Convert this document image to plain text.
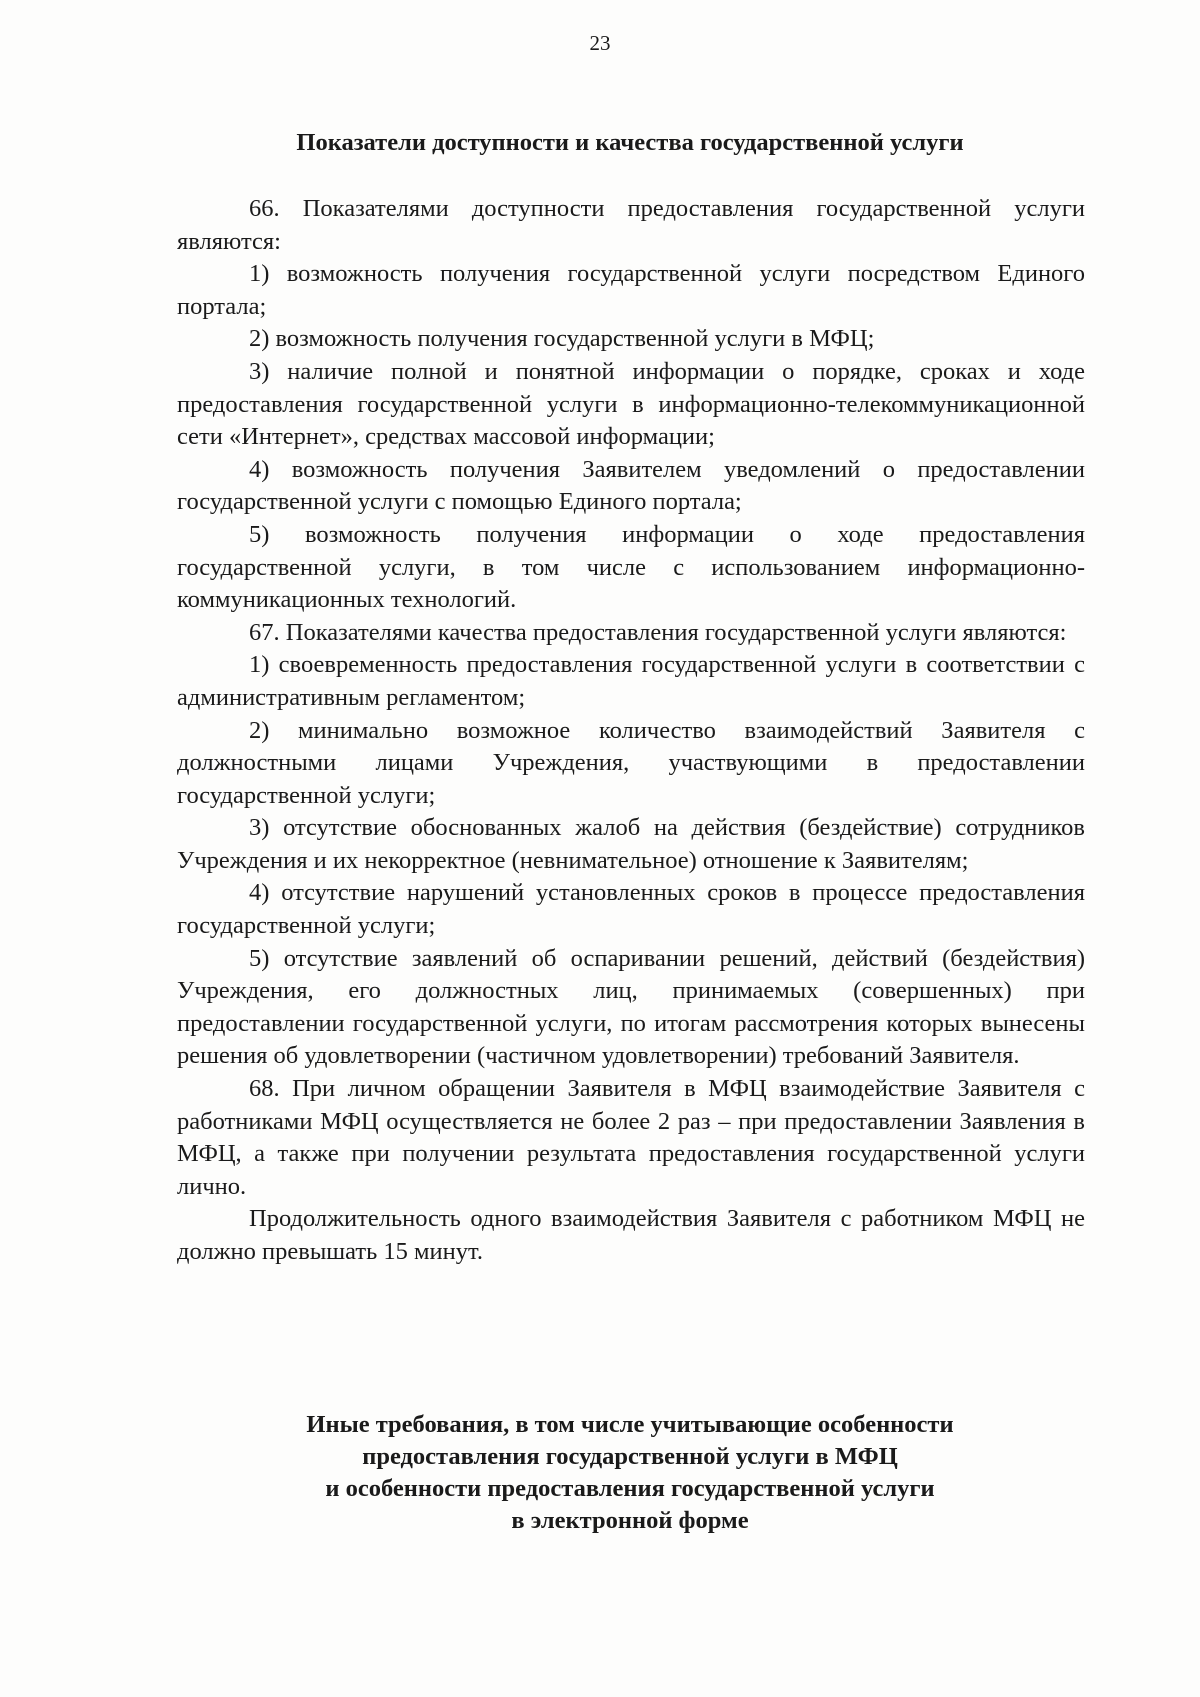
23
Показатели доступности и качества государственной услуги

66. Показателями доступности предоставления государственной услуги являются:

1) возможность получения государственной услуги посредством Единого портала;

2) возможность получения государственной услуги в МФЦ;

3) наличие полной и понятной информации о порядке, сроках и ходе предоставления государственной услуги в информационно-телекоммуникационной сети «Интернет», средствах массовой информации;

4) возможность получения Заявителем уведомлений о предоставлении государственной услуги с помощью Единого портала;

5) возможность получения информации о ходе предоставления государственной услуги, в том числе с использованием информационно-коммуникационных технологий.

67. Показателями качества предоставления государственной услуги являются:

1) своевременность предоставления государственной услуги в соответствии с административным регламентом;

2) минимально возможное количество взаимодействий Заявителя с должностными лицами Учреждения, участвующими в предоставлении государственной услуги;

3) отсутствие обоснованных жалоб на действия (бездействие) сотрудников Учреждения и их некорректное (невнимательное) отношение к Заявителям;

4) отсутствие нарушений установленных сроков в процессе предоставления государственной услуги;

5) отсутствие заявлений об оспаривании решений, действий (бездействия) Учреждения, его должностных лиц, принимаемых (совершенных) при предоставлении государственной услуги, по итогам рассмотрения которых вынесены решения об удовлетворении (частичном удовлетворении) требований Заявителя.

68. При личном обращении Заявителя в МФЦ взаимодействие Заявителя с работниками МФЦ осуществляется не более 2 раз – при предоставлении Заявления в МФЦ, а также при получении результата предоставления государственной услуги лично.

Продолжительность одного взаимодействия Заявителя с работником МФЦ не должно превышать 15 минут.

Иные требования, в том числе учитывающие особенности
предоставления государственной услуги в МФЦ
и особенности предоставления государственной услуги
в электронной форме
